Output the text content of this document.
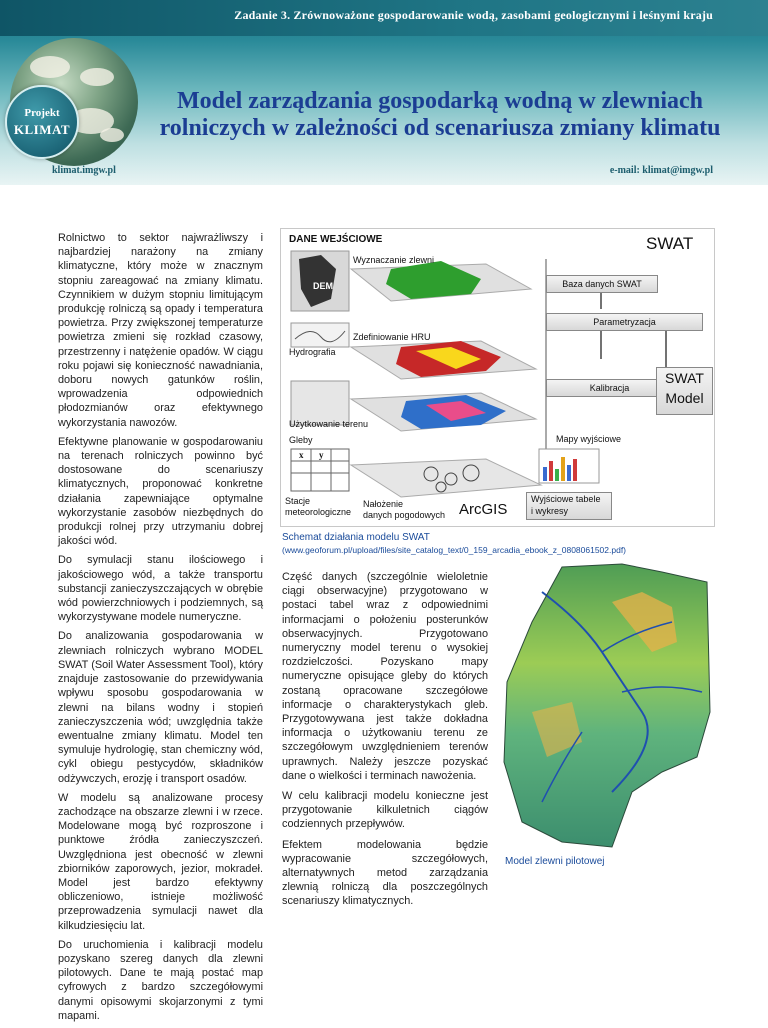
Zadanie 3. Zrównoważone gospodarowanie wodą, zasobami geologicznymi i leśnymi kraju
Projekt
KLIMAT
Model zarządzania gospodarką wodną w zlewniach
rolniczych w zależności od scenariusza zmiany klimatu
klimat.imgw.pl	e-mail: klimat@imgw.pl

Rolnictwo to sektor najwrażliwszy i najbardziej narażony na zmiany klimatyczne, który może w znacznym stopniu zareagować na zmiany klimatu. Czynnikiem w dużym stopniu limitującym produkcję rolniczą są opady i temperatura powietrza. Przy zwiększonej temperaturze powietrza zmieni się rozkład czasowy, przestrzenny i natężenie opadów. W ciągu roku pojawi się konieczność nawadniania, doboru nowych gatunków roślin, wprowadzenia odpowiednich płodozmianów oraz efektywnego wykorzystania nawozów.

Efektywne planowanie w gospodarowaniu na terenach rolniczych powinno być dostosowane do scenariuszy klimatycznych, proponować konkretne działania zapewniające optymalne wykorzystanie zasobów niezbędnych do produkcji rolnej przy utrzymaniu dobrej jakości wód.

Do symulacji stanu ilościowego i jakościowego wód, a także transportu substancji zanieczyszczających w obrębie wód powierzchniowych i podziemnych, są wykorzystywane modele numeryczne.

Do analizowania gospodarowania w zlewniach rolniczych wybrano MODEL SWAT (Soil Water Assessment Tool), który znajduje zastosowanie do przewidywania wpływu sposobu gospodarowania w zlewni na bilans wodny i stopień zanieczyszczenia wód; uwzględnia także ewentualne zmiany klimatu. Model ten symuluje hydrologię, stan chemiczny wód, cykl obiegu pestycydów, składników odżywczych, erozję i transport osadów.

W modelu są analizowane procesy zachodzące na obszarze zlewni i w rzece. Modelowane mogą być rozproszone i punktowe źródła zanieczyszczeń. Uwzględniona jest obecność w zlewni zbiorników zaporowych, jezior, mokradeł. Model jest bardzo efektywny obliczeniowo, istnieje możliwość przeprowadzenia symulacji nawet dla kilkudziesięciu lat.

Do uruchomienia i kalibracji modelu pozyskano szereg danych dla zlewni pilotowych. Dane te mają postać map cyfrowych z bardzo szczegółowymi danymi opisowymi skojarzonymi z tymi mapami.

DANE WEJŚCIOWE	SWAT
Wyznaczanie zlewni
DEM	Baza danych SWAT
Zdefiniowanie HRU
Hydrografia
Parametryzacja
Użytkowanie terenu
Kalibracja
SWAT
Model
Mapy wyjściowe
Gleby
x y
Stacje
meteorologiczne
Nałożenie
danych pogodowych ArcGIS
Wyjściowe tabele
i wykresy
Schemat działania modelu SWAT (www.geoforum.pl/upload/files/site_catalog_text/0_159_arcadia_ebook_z_0808061502.pdf)

Część danych (szczególnie wieloletnie ciągi obserwacyjne) przygotowano w postaci tabel wraz z odpowiednimi informacjami o położeniu posterunków obserwacyjnych. Przygotowano numeryczny model terenu o wysokiej rozdzielczości. Pozyskano mapy numeryczne opisujące gleby do których zostaną opracowane szczegółowe informacje o charakterystykach gleb. Przygotowywana jest także dokładna informacja o użytkowaniu terenu ze szczegółowym uwzględnieniem terenów uprawnych. Należy jeszcze pozyskać dane o wielkości i terminach nawożenia.

W celu kalibracji modelu konieczne jest przygotowanie kilkuletnich ciągów codziennych przepływów.

Efektem modelowania będzie wypracowanie szczegółowych, alternatywnych metod zarządzania zlewnią rolniczą dla poszczególnych scenariuszy klimatycznych.

Model zlewni pilotowej
